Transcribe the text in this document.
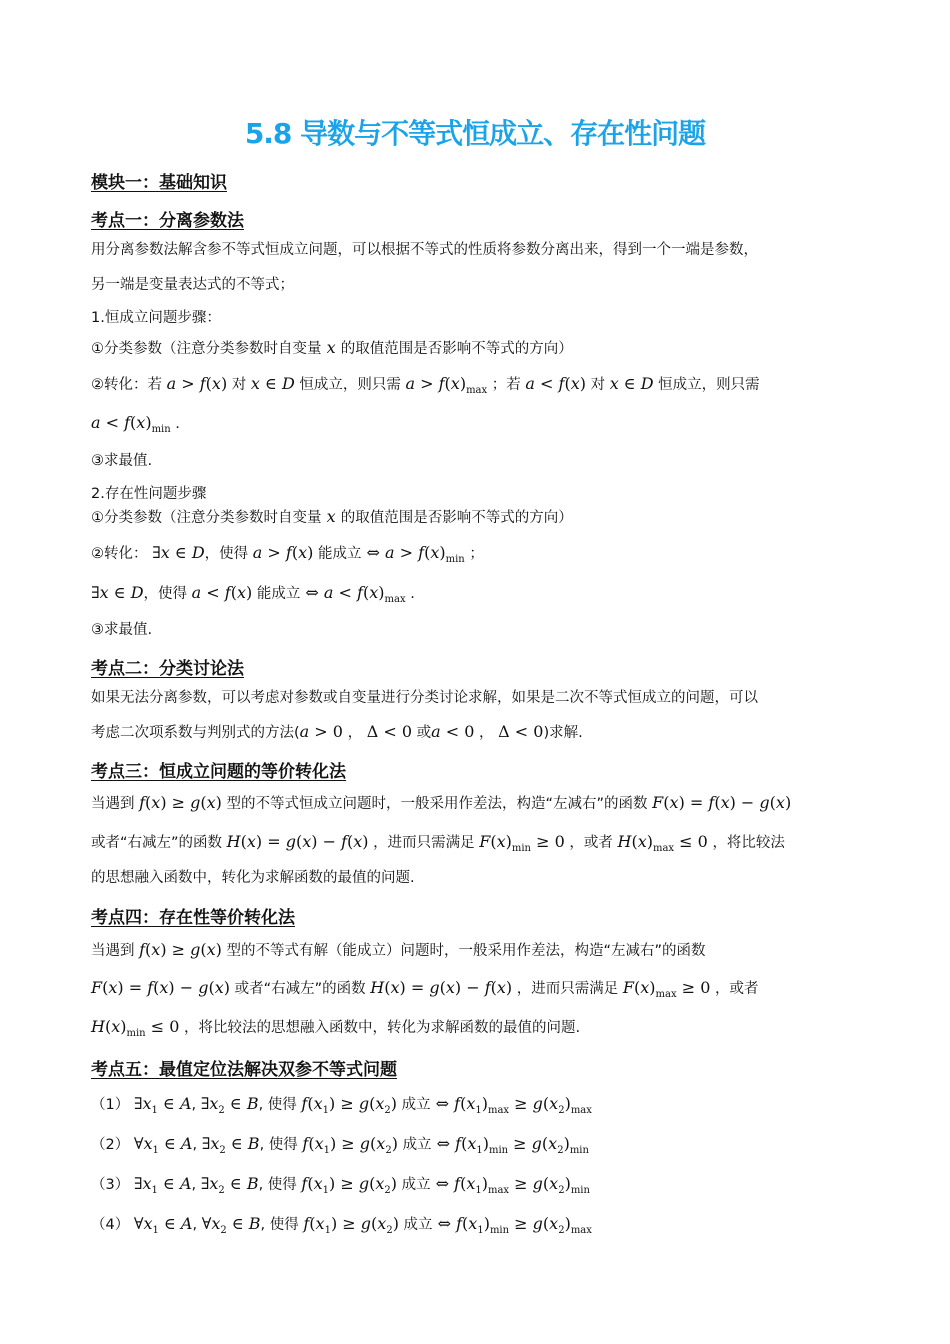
5.8 导数与不等式恒成立、存在性问题
模块一：基础知识
考点一：分离参数法
用分离参数法解含参不等式恒成立问题，可以根据不等式的性质将参数分离出来，得到一个一端是参数，
另一端是变量表达式的不等式；
1.恒成立问题步骤：
①分类参数（注意分类参数时自变量 x 的取值范围是否影响不等式的方向）
②转化：若 a > f(x) 对 x ∈ D 恒成立，则只需 $a > f(x)_{max}$ ；若 a < f(x) 对 x ∈ D 恒成立，则只需
$a < f(x)_{min}$ .
③求最值.
2.存在性问题步骤
①分类参数（注意分类参数时自变量 x 的取值范围是否影响不等式的方向）
②转化： ∃x ∈ D，使得 a > f(x) 能成立 ⇔ $a > f(x)_{min}$ ；
∃x ∈ D，使得 a < f(x) 能成立 ⇔ $a < f(x)_{max}$ .
③求最值.
考点二：分类讨论法
如果无法分离参数，可以考虑对参数或自变量进行分类讨论求解，如果是二次不等式恒成立的问题，可以
考虑二次项系数与判别式的方法(a > 0 ， Δ < 0 或a < 0 ， Δ < 0)求解.
考点三：恒成立问题的等价转化法
当遇到 f(x) ≥ g(x) 型的不等式恒成立问题时，一般采用作差法，构造“左减右”的函数 F(x) = f(x) − g(x)
或者“右减左”的函数 H(x) = g(x) − f(x) ，进而只需满足 $F(x)_{min} \ge 0$ ，或者 $H(x)_{max} \le 0$ ，将比较法
的思想融入函数中，转化为求解函数的最值的问题.
考点四：存在性等价转化法
当遇到 f(x) ≥ g(x) 型的不等式有解（能成立）问题时，一般采用作差法，构造“左减右”的函数
F(x) = f(x) − g(x) 或者“右减左”的函数 H(x) = g(x) − f(x) ，进而只需满足 $F(x)_{max} \ge 0$ ，或者
$H(x)_{min} \le 0$ ，将比较法的思想融入函数中，转化为求解函数的最值的问题.
考点五：最值定位法解决双参不等式问题
（1） $\exists x_1$ ∈ A, $\exists x_2$ ∈ B, 使得 $f(x_1) \ge g(x_2)$ 成立 ⇔ $f(x_1)_{max} \ge g(x_2)_{max}$
（2） $\forall x_1$ ∈ A, $\exists x_2$ ∈ B, 使得 $f(x_1) \ge g(x_2)$ 成立 ⇔ $f(x_1)_{min} \ge g(x_2)_{min}$
（3） $\exists x_1$ ∈ A, $\exists x_2$ ∈ B, 使得 $f(x_1) \ge g(x_2)$ 成立 ⇔ $f(x_1)_{max} \ge g(x_2)_{min}$
（4） $\forall x_1$ ∈ A, $\forall x_2$ ∈ B, 使得 $f(x_1) \ge g(x_2)$ 成立 ⇔ $f(x_1)_{min} \ge g(x_2)_{max}$
